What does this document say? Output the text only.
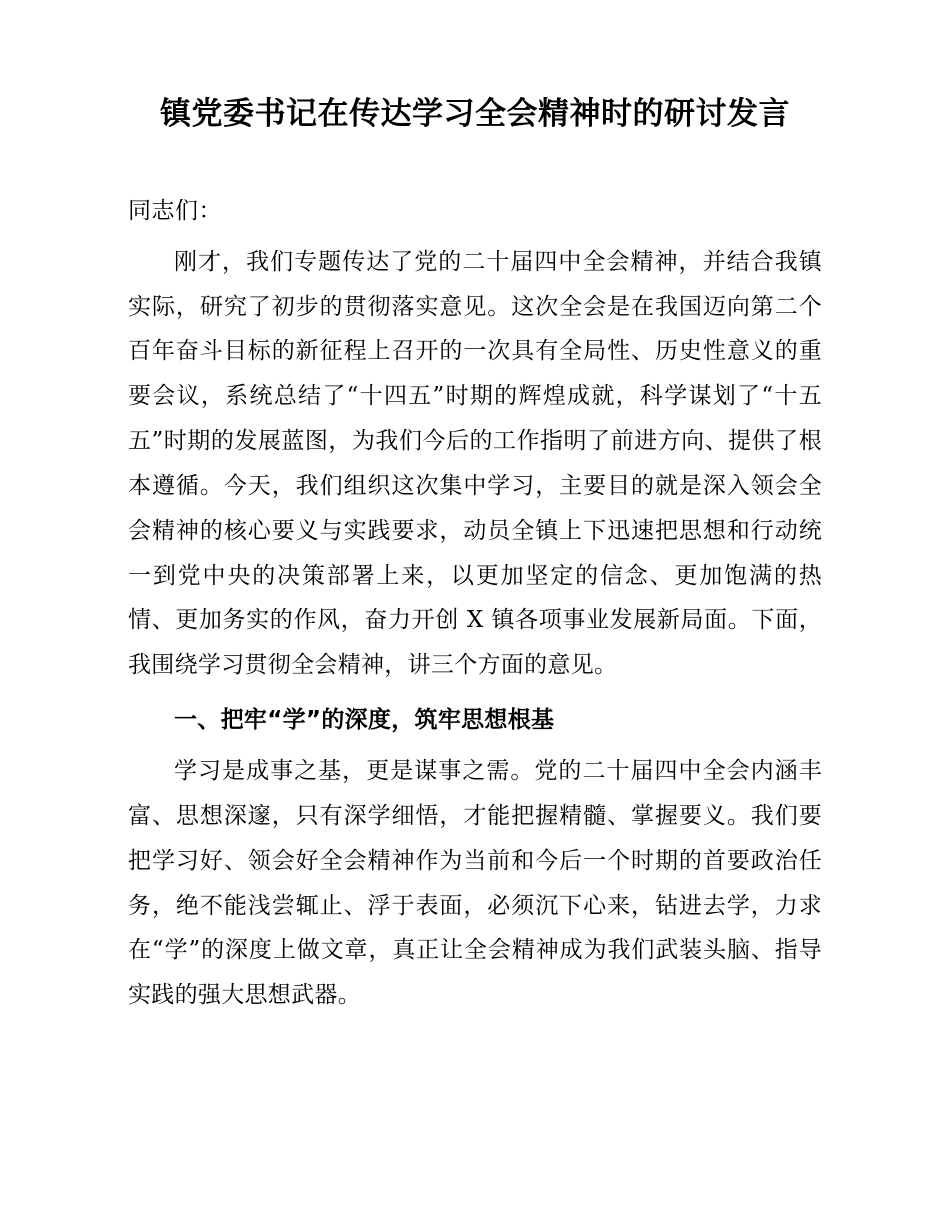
镇党委书记在传达学习全会精神时的研讨发言

同志们：

刚才，我们专题传达了党的二十届四中全会精神，并结合我镇实际，研究了初步的贯彻落实意见。这次全会是在我国迈向第二个百年奋斗目标的新征程上召开的一次具有全局性、历史性意义的重要会议，系统总结了“十四五”时期的辉煌成就，科学谋划了“十五五”时期的发展蓝图，为我们今后的工作指明了前进方向、提供了根本遵循。今天，我们组织这次集中学习，主要目的就是深入领会全会精神的核心要义与实践要求，动员全镇上下迅速把思想和行动统一到党中央的决策部署上来，以更加坚定的信念、更加饱满的热情、更加务实的作风，奋力开创 X 镇各项事业发展新局面。下面，我围绕学习贯彻全会精神，讲三个方面的意见。

一、把牢“学”的深度，筑牢思想根基

学习是成事之基，更是谋事之需。党的二十届四中全会内涵丰富、思想深邃，只有深学细悟，才能把握精髓、掌握要义。我们要把学习好、领会好全会精神作为当前和今后一个时期的首要政治任务，绝不能浅尝辄止、浮于表面，必须沉下心来，钻进去学，力求在“学”的深度上做文章，真正让全会精神成为我们武装头脑、指导实践的强大思想武器。
